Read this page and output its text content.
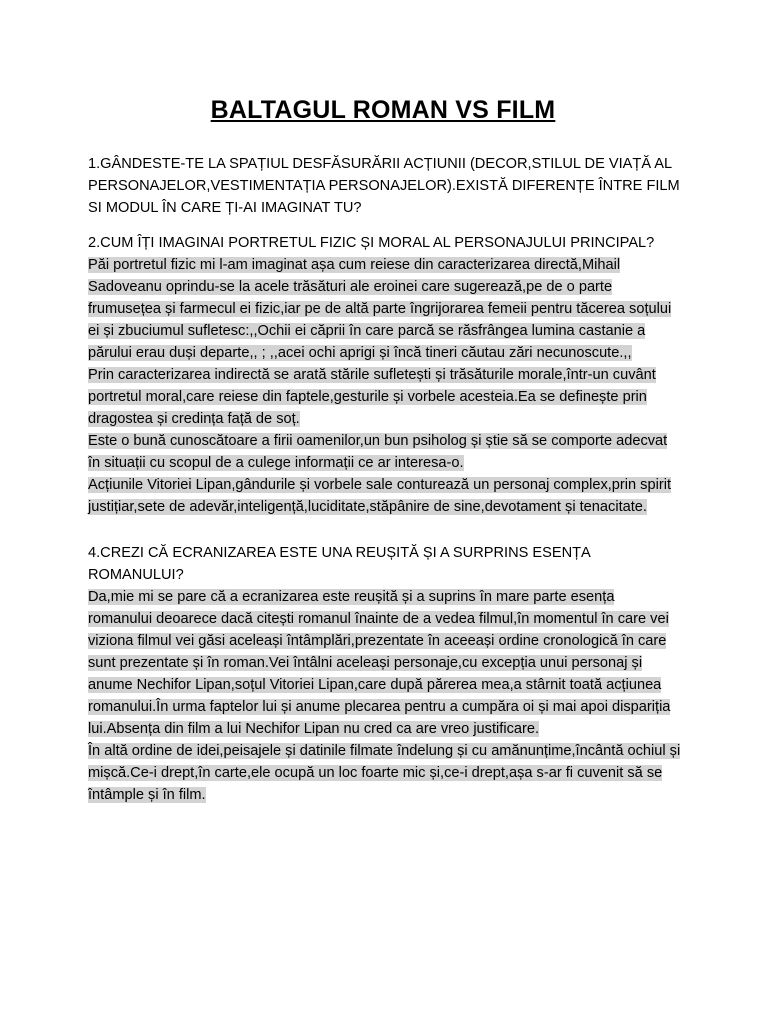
BALTAGUL ROMAN VS FILM

1.GÂNDESTE-TE LA SPAȚIUL DESFĂSURĂRII ACȚIUNII (DECOR,STILUL DE VIAȚĂ AL PERSONAJELOR,VESTIMENTAȚIA PERSONAJELOR).EXISTĂ DIFERENȚE ÎNTRE FILM SI MODUL ÎN CARE ȚI-AI IMAGINAT TU?

2.CUM ÎȚI IMAGINAI PORTRETUL FIZIC ȘI MORAL AL PERSONAJULUI PRINCIPAL?

Păi portretul fizic mi l-am imaginat așa cum reiese din caracterizarea directă,Mihail Sadoveanu oprindu-se la acele trăsături ale eroinei care sugerează,pe de o parte frumusețea și farmecul ei fizic,iar pe de altă parte îngrijorarea femeii pentru tăcerea soțului ei și zbuciumul sufletesc:,,Ochii ei căprii în care parcă se răsfrângea lumina castanie a părului erau duși departe,, ; ,,acei ochi aprigi și încă tineri căutau zări necunoscute.,,

Prin caracterizarea indirectă se arată stările sufletești și trăsăturile morale,într-un cuvânt portretul moral,care reiese din faptele,gesturile și vorbele acesteia.Ea se definește prin dragostea și credința față de soț.

Este o bună cunoscătoare a firii oamenilor,un bun psiholog și știe să se comporte adecvat în situații cu scopul de a culege informații ce ar interesa-o.

Acțiunile Vitoriei Lipan,gândurile și vorbele sale conturează un personaj complex,prin spirit justițiar,sete de adevăr,inteligență,luciditate,stăpânire de sine,devotament și tenacitate.

4.CREZI CĂ ECRANIZAREA ESTE UNA REUȘITĂ ȘI A SURPRINS ESENȚA ROMANULUI?

Da,mie mi se pare că a ecranizarea este reușită și a suprins în mare parte esența romanului deoarece dacă citești romanul înainte de a vedea filmul,în momentul în care vei viziona filmul vei găsi aceleași întâmplări,prezentate în aceeași ordine cronologică în care sunt prezentate și în roman.Vei întâlni aceleași personaje,cu excepția unui personaj și anume Nechifor Lipan,soțul Vitoriei Lipan,care după părerea mea,a stârnit toată acțiunea romanului.În urma faptelor lui și anume plecarea pentru a cumpăra oi și mai apoi dispariția lui.Absența din film a lui Nechifor Lipan nu cred ca are vreo justificare.

În altă ordine de idei,peisajele și datinile filmate îndelung și cu amănunțime,încântă ochiul și mișcă.Ce-i drept,în carte,ele ocupă un loc foarte mic și,ce-i drept,așa s-ar fi cuvenit să se întâmple și în film.
